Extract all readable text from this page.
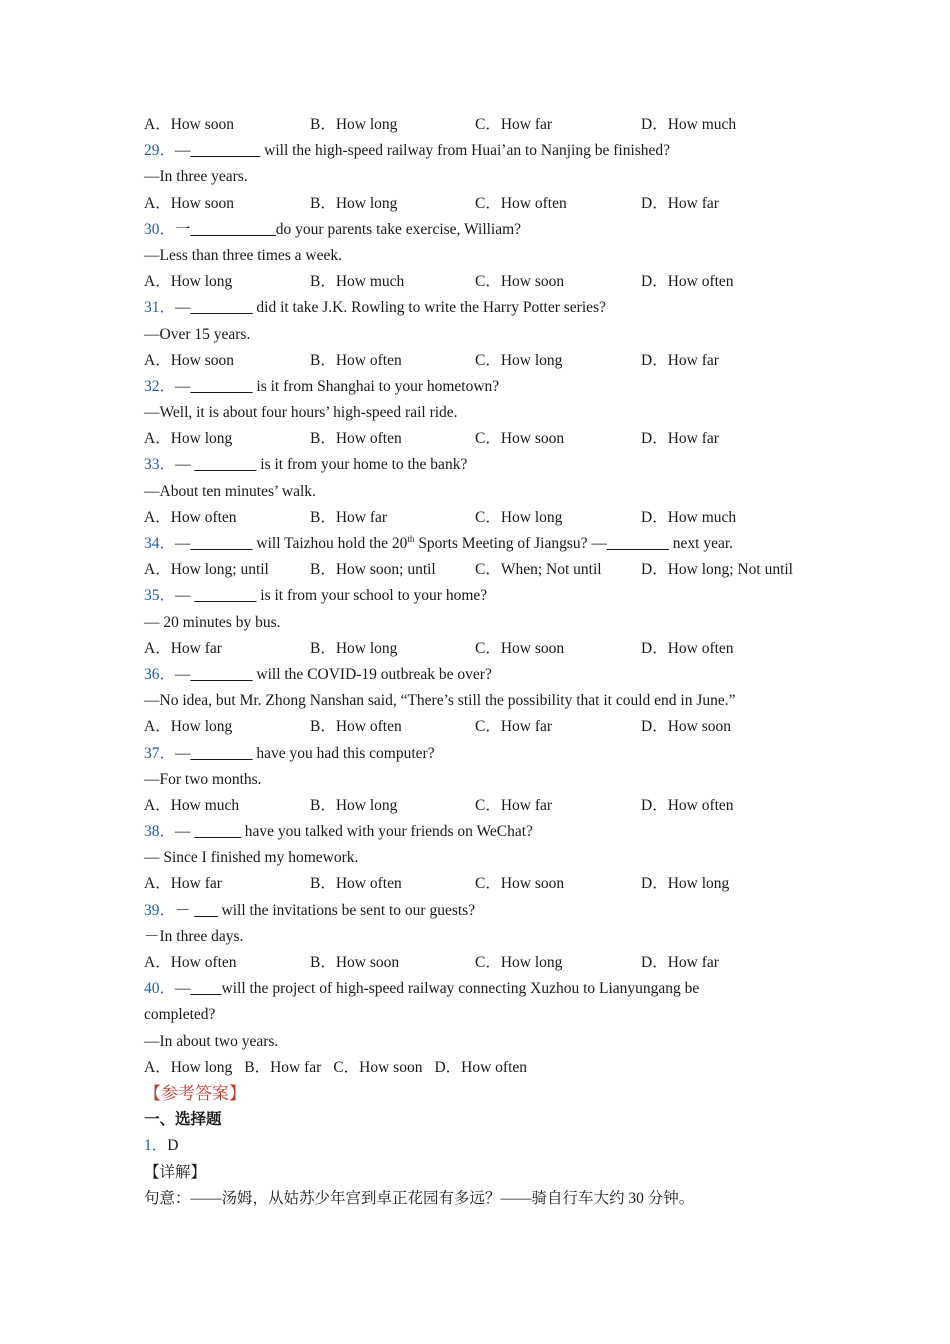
A．How soon	B．How long	C．How far	D．How much
29．—_________ will the high-speed railway from Huai’an to Nanjing be finished?
—In three years.
A．How soon	B．How long	C．How often	D．How far
30．一___________do your parents take exercise, William?
—Less than three times a week.
A．How long	B．How much	C．How soon	D．How often
31．—________ did it take J.K. Rowling to write the Harry Potter series?
—Over 15 years.
A．How soon	B．How often	C．How long	D．How far
32．—________ is it from Shanghai to your hometown?
—Well, it is about four hours’ high-speed rail ride.
A．How long	B．How often	C．How soon	D．How far
33．— ________ is it from your home to the bank?
—About ten minutes’ walk.
A．How often	B．How far	C．How long	D．How much
34．—________ will Taizhou hold the 20th Sports Meeting of Jiangsu? —________ next year.
A．How long; until	B．How soon; until	C．When; Not until	D．How long; Not until
35．— ________ is it from your school to your home?
— 20 minutes by bus.
A．How far	B．How long	C．How soon	D．How often
36．—________ will the COVID-19 outbreak be over?
—No idea, but Mr. Zhong Nanshan said, “There’s still the possibility that it could end in June.”
A．How long	B．How often	C．How far	D．How soon
37．—________ have you had this computer?
—For two months.
A．How much	B．How long	C．How far	D．How often
38．— ______ have you talked with your friends on WeChat?
— Since I finished my homework.
A．How far	B．How often	C．How soon	D．How long
39．－ ___ will the invitations be sent to our guests?
－In three days.
A．How often	B．How soon	C．How long	D．How far
40．—____will the project of high-speed railway connecting Xuzhou to Lianyungang be
completed?
—In about two years.
A．How long B．How far C．How soon D．How often
【参考答案】
一、选择题
1．D
【详解】
句意：——汤姆，从姑苏少年宫到卓正花园有多远？——骑自行车大约 30 分钟。
